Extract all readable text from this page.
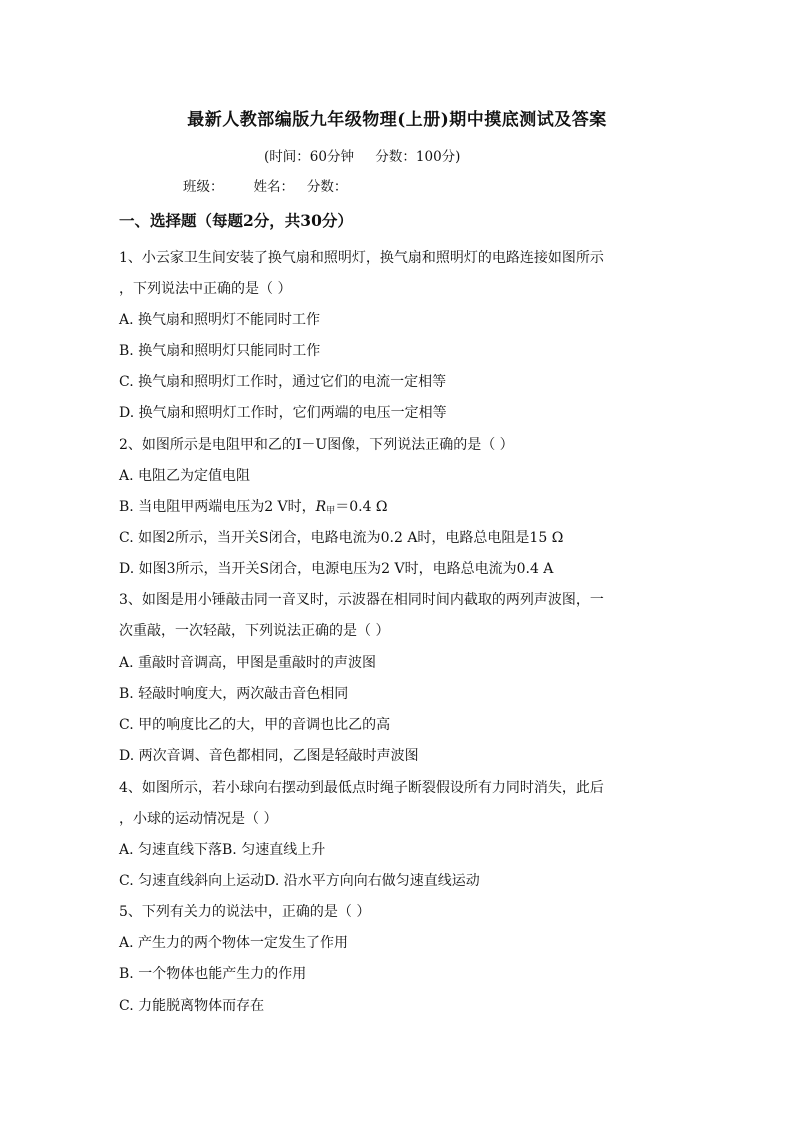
最新人教部编版九年级物理(上册)期中摸底测试及答案
(时间：60分钟     分数：100分)
班级：       姓名：   分数：
一、选择题（每题2分，共30分）
1、小云家卫生间安装了换气扇和照明灯，换气扇和照明灯的电路连接如图所示
，下列说法中正确的是（ ）
A. 换气扇和照明灯不能同时工作
B. 换气扇和照明灯只能同时工作
C. 换气扇和照明灯工作时，通过它们的电流一定相等
D. 换气扇和照明灯工作时，它们两端的电压一定相等
2、如图所示是电阻甲和乙的I－U图像，下列说法正确的是（ ）
A. 电阻乙为定值电阻
B. 当电阻甲两端电压为2 V时，$R_甲=0.4$ Ω
C. 如图2所示，当开关S闭合，电路电流为0.2 A时，电路总电阻是15 Ω
D. 如图3所示，当开关S闭合，电源电压为2 V时，电路总电流为0.4 A
3、如图是用小锤敲击同一音叉时，示波器在相同时间内截取的两列声波图，一
次重敲，一次轻敲，下列说法正确的是（ ）
A. 重敲时音调高，甲图是重敲时的声波图
B. 轻敲时响度大，两次敲击音色相同
C. 甲的响度比乙的大，甲的音调也比乙的高
D. 两次音调、音色都相同，乙图是轻敲时声波图
4、如图所示，若小球向右摆动到最低点时绳子断裂假设所有力同时消失，此后
，小球的运动情况是（ ）
A. 匀速直线下落B. 匀速直线上升
C. 匀速直线斜向上运动D. 沿水平方向向右做匀速直线运动
5、下列有关力的说法中，正确的是（ ）
A. 产生力的两个物体一定发生了作用
B. 一个物体也能产生力的作用
C. 力能脱离物体而存在
